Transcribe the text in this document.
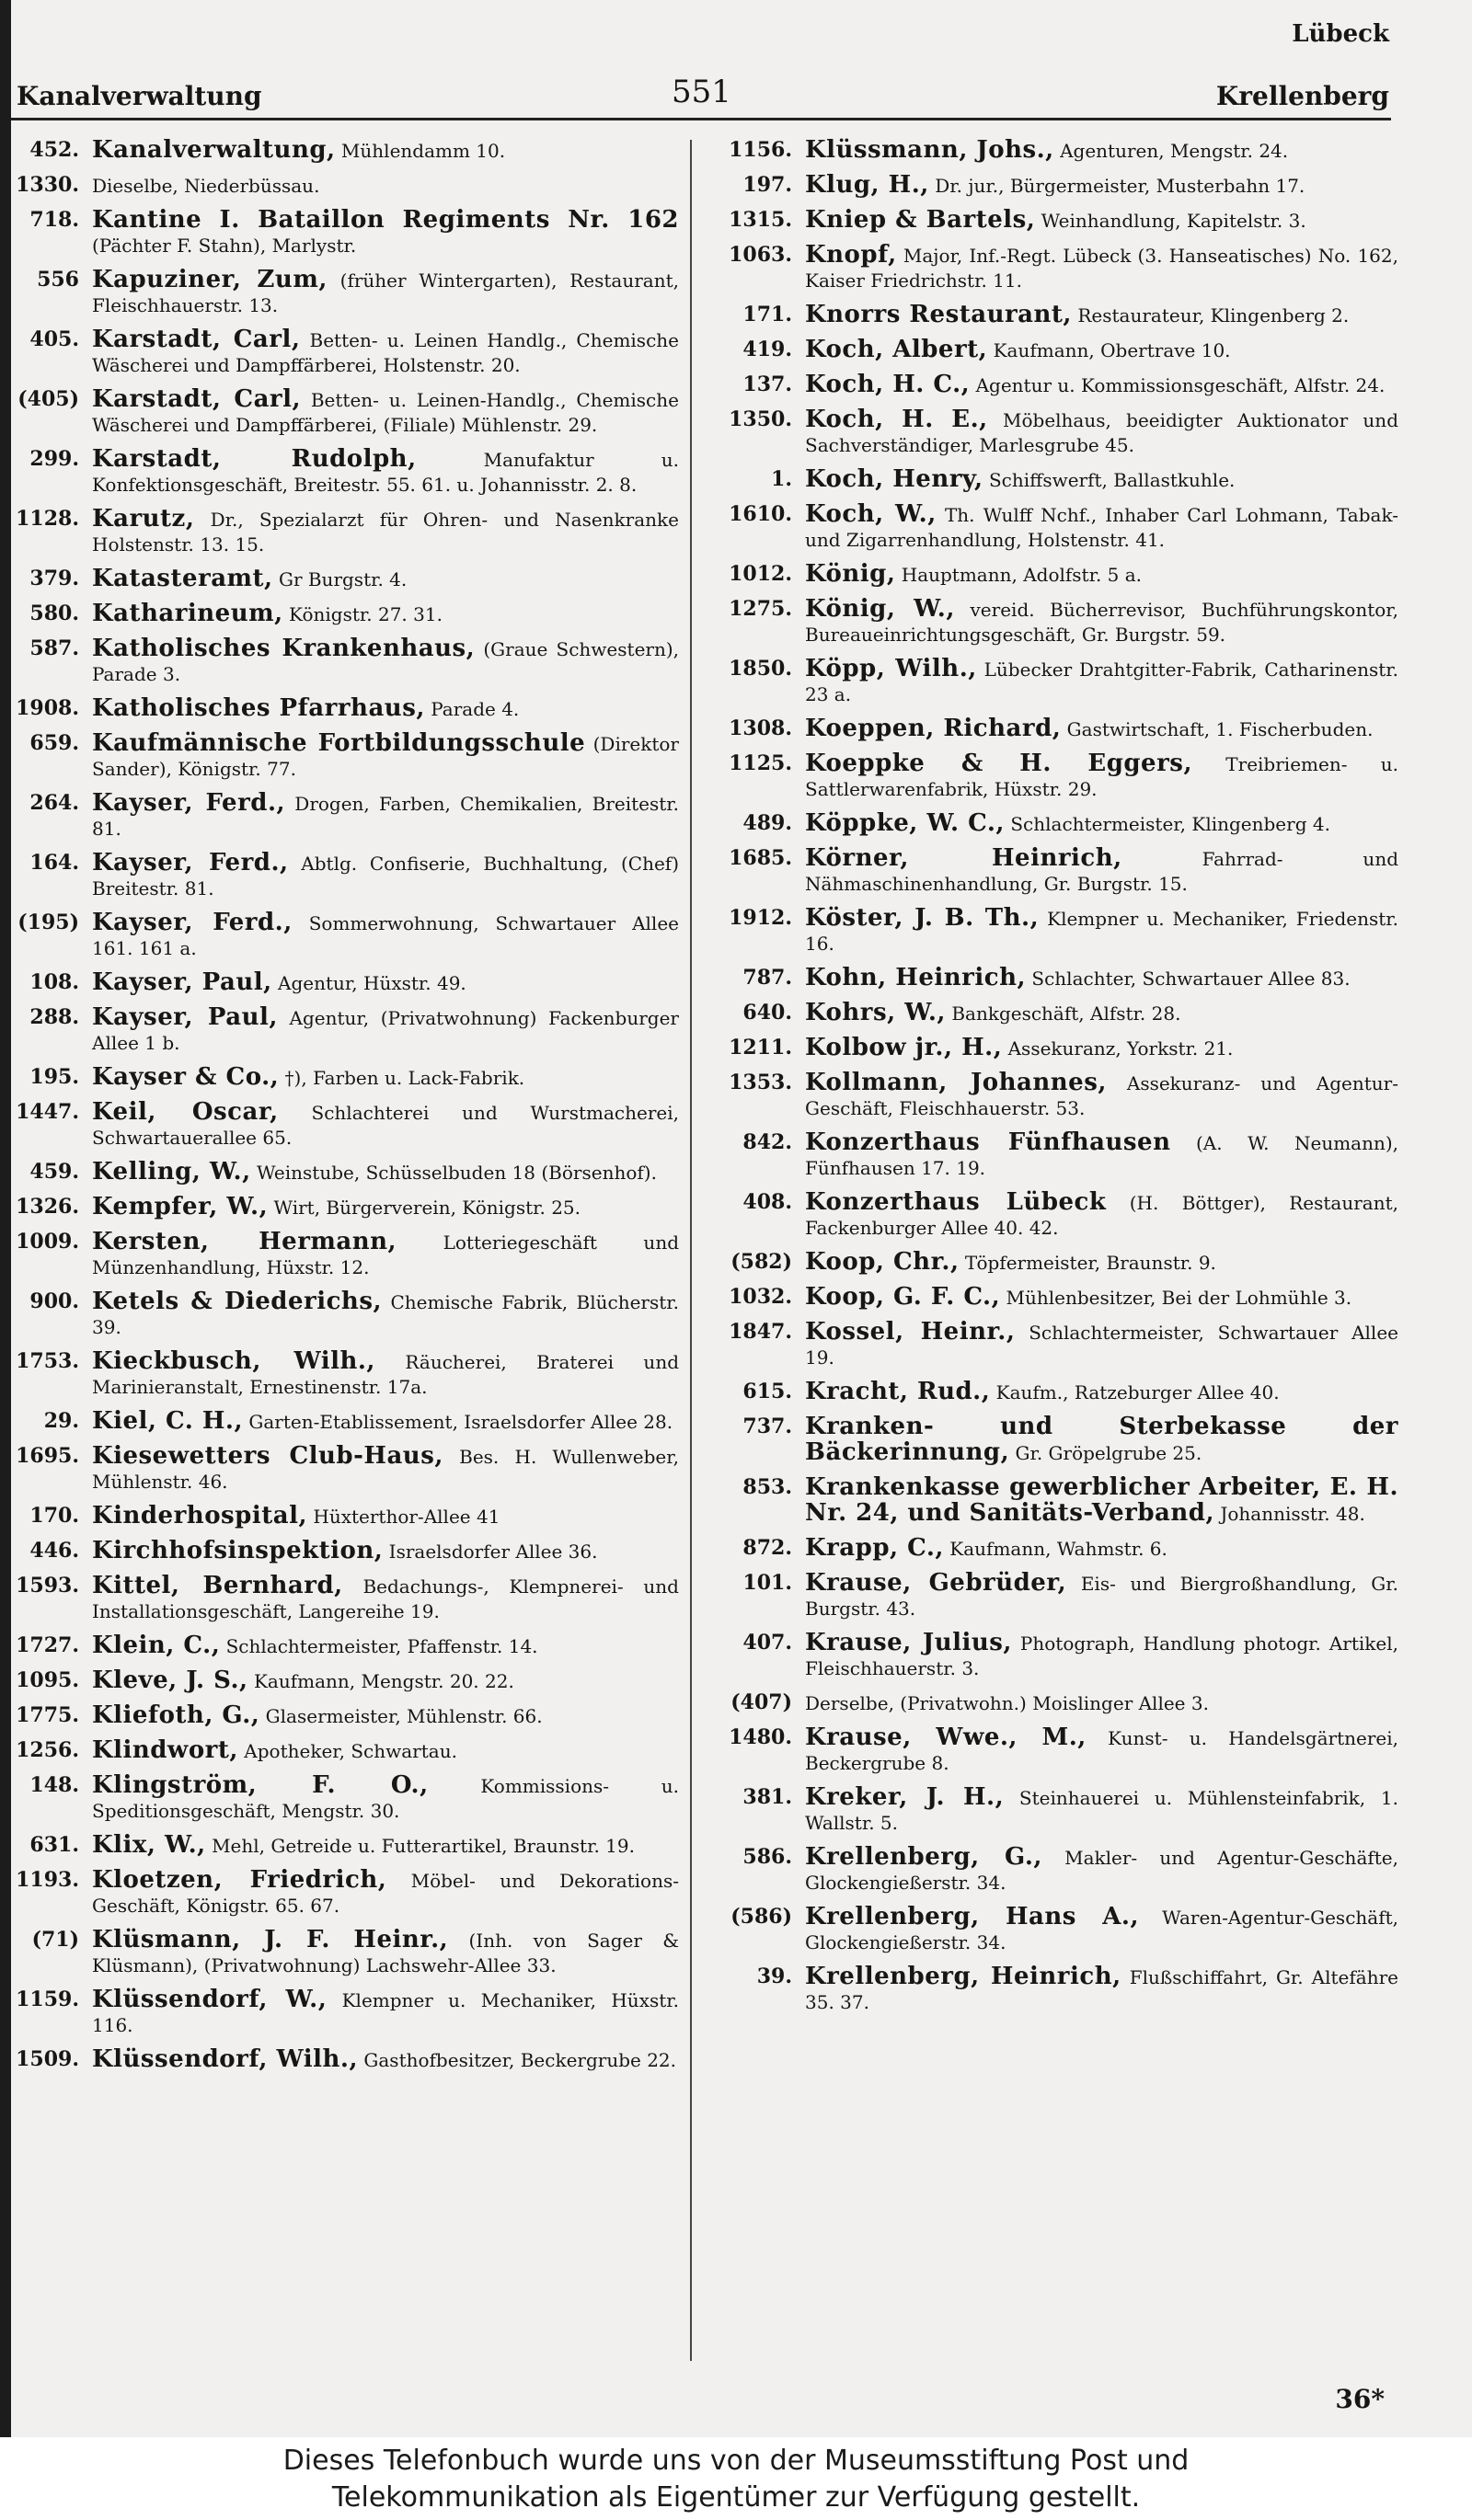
Lübeck
Kanalverwaltung	551	Krellenberg
452. Kanalverwaltung, Mühlendamm 10.
1330. Dieselbe, Niederbüssau.
718. Kantine I. Bataillon Regiments Nr. 162 (Pächter F. Stahn), Marlystr.
556 Kapuziner, Zum, (früher Wintergarten), Restaurant, Fleischhauerstr. 13.
405. Karstadt, Carl, Betten- u. Leinen Handlg., Chemische Wäscherei und Dampffärberei, Holstenstr. 20.
(405) Karstadt, Carl, Betten- u. Leinen-Handlg., Chemische Wäscherei und Dampffärberei, (Filiale) Mühlenstr. 29.
299. Karstadt, Rudolph, Manufaktur u. Konfektionsgeschäft, Breitestr. 55. 61. u. Johannisstr. 2. 8.
1128. Karutz, Dr., Spezialarzt für Ohren- und Nasenkranke Holstenstr. 13. 15.
379. Katasteramt, Gr Burgstr. 4.
580. Katharineum, Königstr. 27. 31.
587. Katholisches Krankenhaus, (Graue Schwestern), Parade 3.
1908. Katholisches Pfarrhaus, Parade 4.
659. Kaufmännische Fortbildungsschule (Direktor Sander), Königstr. 77.
264. Kayser, Ferd., Drogen, Farben, Chemikalien, Breitestr. 81.
164. Kayser, Ferd., Abtlg. Confiserie, Buchhaltung, (Chef) Breitestr. 81.
(195) Kayser, Ferd., Sommerwohnung, Schwartauer Allee 161. 161 a.
108. Kayser, Paul, Agentur, Hüxstr. 49.
288. Kayser, Paul, Agentur, (Privatwohnung) Fackenburger Allee 1 b.
195. Kayser & Co., †), Farben u. Lack-Fabrik.
1447. Keil, Oscar, Schlachterei und Wurstmacherei, Schwartauerallee 65.
459. Kelling, W., Weinstube, Schüsselbuden 18 (Börsenhof).
1326. Kempfer, W., Wirt, Bürgerverein, Königstr. 25.
1009. Kersten, Hermann, Lotteriegeschäft und Münzenhandlung, Hüxstr. 12.
900. Ketels & Diederichs, Chemische Fabrik, Blücherstr. 39.
1753. Kieckbusch, Wilh., Räucherei, Braterei und Marinieranstalt, Ernestinenstr. 17a.
29. Kiel, C. H., Garten-Etablissement, Israelsdorfer Allee 28.
1695. Kiesewetters Club-Haus, Bes. H. Wullenweber, Mühlenstr. 46.
170. Kinderhospital, Hüxterthor-Allee 41
446. Kirchhofsinspektion, Israelsdorfer Allee 36.
1593. Kittel, Bernhard, Bedachungs-, Klempnerei- und Installationsgeschäft, Langereihe 19.
1727. Klein, C., Schlachtermeister, Pfaffenstr. 14.
1095. Kleve, J. S., Kaufmann, Mengstr. 20. 22.
1775. Kliefoth, G., Glasermeister, Mühlenstr. 66.
1256. Klindwort, Apotheker, Schwartau.
148. Klingström, F. O., Kommissions- u. Speditionsgeschäft, Mengstr. 30.
631. Klix, W., Mehl, Getreide u. Futterartikel, Braunstr. 19.
1193. Kloetzen, Friedrich, Möbel- und Dekorations-Geschäft, Königstr. 65. 67.
(71) Klüsmann, J. F. Heinr., (Inh. von Sager & Klüsmann), (Privatwohnung) Lachswehr-Allee 33.
1159. Klüssendorf, W., Klempner u. Mechaniker, Hüxstr. 116.
1509. Klüssendorf, Wilh., Gasthofbesitzer, Beckergrube 22.
1156. Klüssmann, Johs., Agenturen, Mengstr. 24.
197. Klug, H., Dr. jur., Bürgermeister, Musterbahn 17.
1315. Kniep & Bartels, Weinhandlung, Kapitelstr. 3.
1063. Knopf, Major, Inf.-Regt. Lübeck (3. Hanseatisches) No. 162, Kaiser Friedrichstr. 11.
171. Knorrs Restaurant, Restaurateur, Klingenberg 2.
419. Koch, Albert, Kaufmann, Obertrave 10.
137. Koch, H. C., Agentur u. Kommissionsgeschäft, Alfstr. 24.
1350. Koch, H. E., Möbelhaus, beeidigter Auktionator und Sachverständiger, Marlesgrube 45.
1. Koch, Henry, Schiffswerft, Ballastkuhle.
1610. Koch, W., Th. Wulff Nchf., Inhaber Carl Lohmann, Tabak- und Zigarrenhandlung, Holstenstr. 41.
1012. König, Hauptmann, Adolfstr. 5 a.
1275. König, W., vereid. Bücherrevisor, Buchführungskontor, Bureaueinrichtungsgeschäft, Gr. Burgstr. 59.
1850. Köpp, Wilh., Lübecker Drahtgitter-Fabrik, Catharinenstr. 23 a.
1308. Koeppen, Richard, Gastwirtschaft, 1. Fischerbuden.
1125. Koeppke & H. Eggers, Treibriemen- u. Sattlerwarenfabrik, Hüxstr. 29.
489. Köppke, W. C., Schlachtermeister, Klingenberg 4.
1685. Körner, Heinrich, Fahrrad- und Nähmaschinenhandlung, Gr. Burgstr. 15.
1912. Köster, J. B. Th., Klempner u. Mechaniker, Friedenstr. 16.
787. Kohn, Heinrich, Schlachter, Schwartauer Allee 83.
640. Kohrs, W., Bankgeschäft, Alfstr. 28.
1211. Kolbow jr., H., Assekuranz, Yorkstr. 21.
1353. Kollmann, Johannes, Assekuranz- und Agentur-Geschäft, Fleischhauerstr. 53.
842. Konzerthaus Fünfhausen (A. W. Neumann), Fünfhausen 17. 19.
408. Konzerthaus Lübeck (H. Böttger), Restaurant, Fackenburger Allee 40. 42.
(582) Koop, Chr., Töpfermeister, Braunstr. 9.
1032. Koop, G. F. C., Mühlenbesitzer, Bei der Lohmühle 3.
1847. Kossel, Heinr., Schlachtermeister, Schwartauer Allee 19.
615. Kracht, Rud., Kaufm., Ratzeburger Allee 40.
737. Kranken- und Sterbekasse der Bäckerinnung, Gr. Gröpelgrube 25.
853. Krankenkasse gewerblicher Arbeiter, E. H. Nr. 24, und Sanitäts-Verband, Johannisstr. 48.
872. Krapp, C., Kaufmann, Wahmstr. 6.
101. Krause, Gebrüder, Eis- und Biergroßhandlung, Gr. Burgstr. 43.
407. Krause, Julius, Photograph, Handlung photogr. Artikel, Fleischhauerstr. 3.
(407) Derselbe, (Privatwohn.) Moislinger Allee 3.
1480. Krause, Wwe., M., Kunst- u. Handelsgärtnerei, Beckergrube 8.
381. Kreker, J. H., Steinhauerei u. Mühlensteinfabrik, 1. Wallstr. 5.
586. Krellenberg, G., Makler- und Agentur-Geschäfte, Glockengießerstr. 34.
(586) Krellenberg, Hans A., Waren-Agentur-Geschäft, Glockengießerstr. 34.
39. Krellenberg, Heinrich, Flußschiffahrt, Gr. Altefähre 35. 37.
36*
Dieses Telefonbuch wurde uns von der Museumsstiftung Post und
Telekommunikation als Eigentümer zur Verfügung gestellt.
